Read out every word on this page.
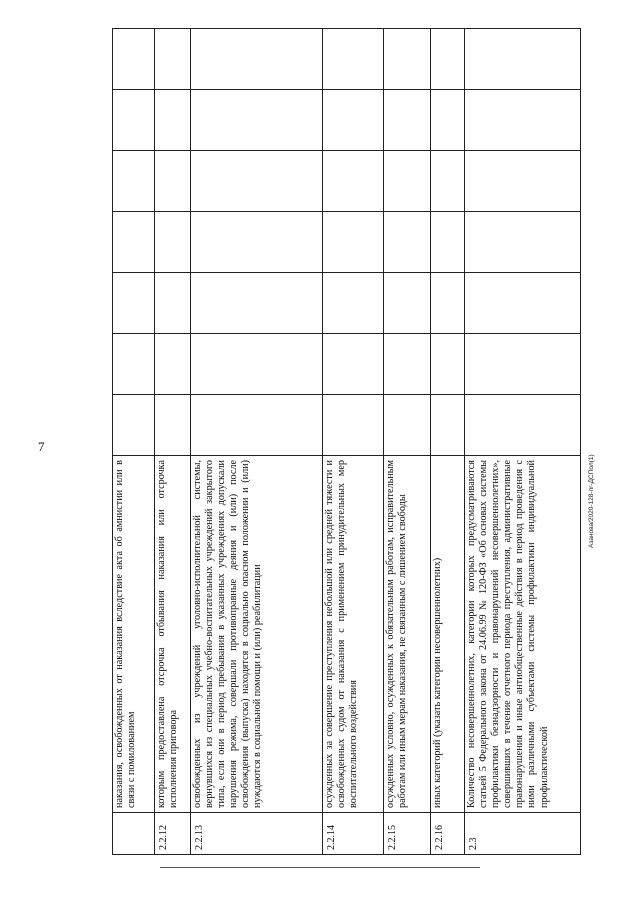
7
Азанова/2020-128-пг-ДСПол(1)
	наказания, освобожденных от наказания вследствие акта об амнистии или в связи с помилованием							
2.2.12	которым предоставлена отсрочка отбывания наказания или отсрочка исполнения приговора							
2.2.13	освобожденных из учреждений уголовно-исполнительной системы, вернувшихся из специальных учебно-воспитательных учреждений закрытого типа, если они в период пребывания в указанных учреждениях допускали нарушения режима, совершали противоправные деяния и (или) после освобождения (выпуска) находятся в социально опасном положении и (или) нуждаются в социальной помощи и (или) реабилитации							
2.2.14	осужденных за совершение преступления небольшой или средней тяжести и освобожденных судом от наказания с применением принудительных мер воспитательного воздействия							
2.2.15	осужденных условно, осужденных к обязательным работам, исправительным работам или иным мерам наказания, не связанным с лишением свободы							
2.2.16	иных категорий (указать категории несовершеннолетних)							
2.3	Количество несовершеннолетних, категории которых предусматриваются статьей 5 Федерального закона от 24.06.99 № 120-ФЗ «Об основах системы профилактики безнадзорности и правонарушений несовершеннолетних», совершивших в течение отчетного периода преступления, административные правонарушения и иные антиобщественные действия в период проведения с ними различными субъектами системы профилактики индивидуальной профилактической							
